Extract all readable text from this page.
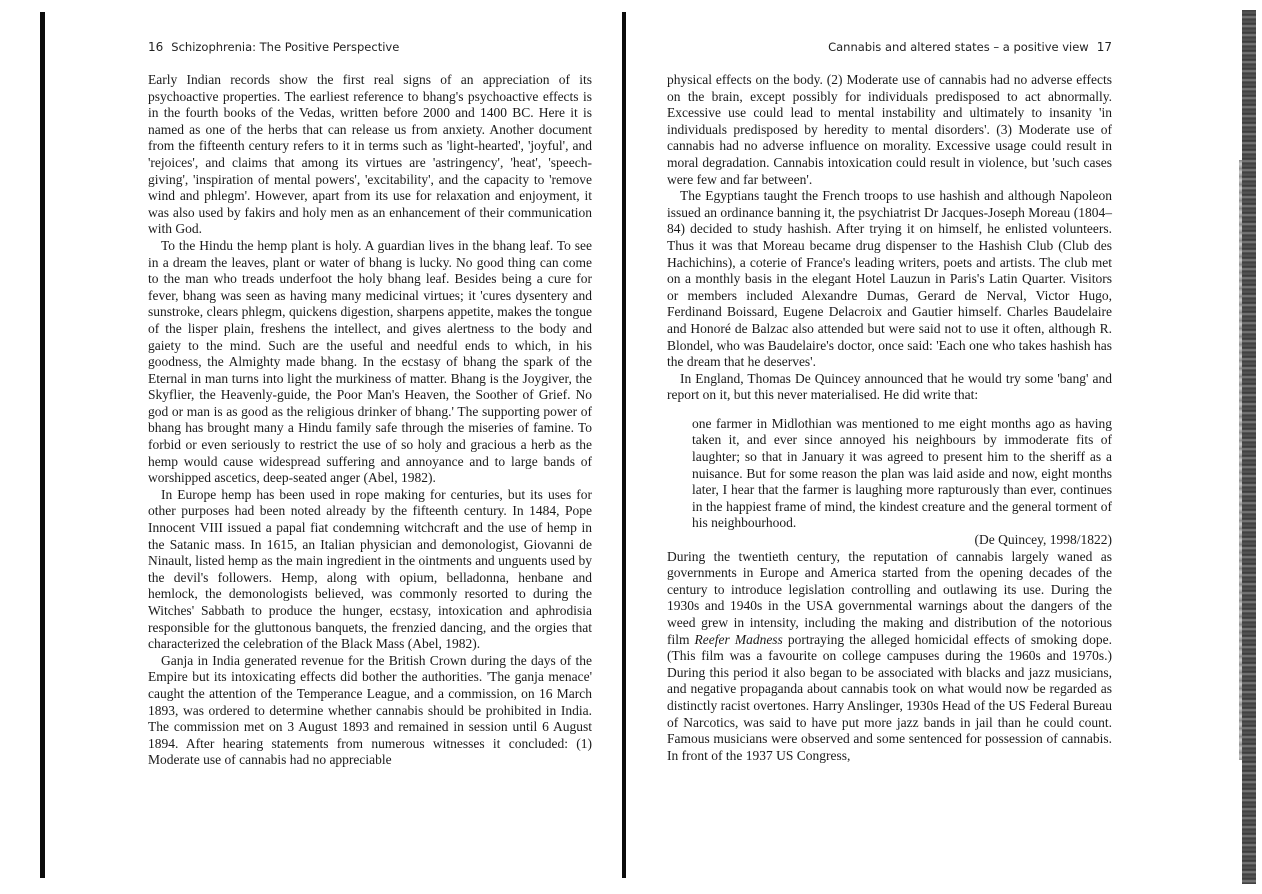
16 Schizophrenia: The Positive Perspective

Early Indian records show the first real signs of an appreciation of its psychoactive properties. The earliest reference to bhang's psychoactive effects is in the fourth books of the Vedas, written before 2000 and 1400 BC. Here it is named as one of the herbs that can release us from anxiety. Another document from the fifteenth century refers to it in terms such as 'light-hearted', 'joyful', and 'rejoices', and claims that among its virtues are 'astringency', 'heat', 'speech-giving', 'inspiration of mental powers', 'excitability', and the capacity to 'remove wind and phlegm'. However, apart from its use for relaxation and enjoyment, it was also used by fakirs and holy men as an enhancement of their communication with God.

To the Hindu the hemp plant is holy. A guardian lives in the bhang leaf. To see in a dream the leaves, plant or water of bhang is lucky. No good thing can come to the man who treads underfoot the holy bhang leaf. Besides being a cure for fever, bhang was seen as having many medicinal virtues; it 'cures dysentery and sunstroke, clears phlegm, quickens digestion, sharpens appetite, makes the tongue of the lisper plain, freshens the intellect, and gives alertness to the body and gaiety to the mind. Such are the useful and needful ends to which, in his goodness, the Almighty made bhang. In the ecstasy of bhang the spark of the Eternal in man turns into light the murkiness of matter. Bhang is the Joygiver, the Skyflier, the Heavenly-guide, the Poor Man's Heaven, the Soother of Grief. No god or man is as good as the religious drinker of bhang.' The supporting power of bhang has brought many a Hindu family safe through the miseries of famine. To forbid or even seriously to restrict the use of so holy and gracious a herb as the hemp would cause widespread suffering and annoyance and to large bands of worshipped ascetics, deep-seated anger (Abel, 1982).

In Europe hemp has been used in rope making for centuries, but its uses for other purposes had been noted already by the fifteenth century. In 1484, Pope Innocent VIII issued a papal fiat condemning witchcraft and the use of hemp in the Satanic mass. In 1615, an Italian physician and demonologist, Giovanni de Ninault, listed hemp as the main ingredient in the ointments and unguents used by the devil's followers. Hemp, along with opium, belladonna, henbane and hemlock, the demonologists believed, was commonly resorted to during the Witches' Sabbath to produce the hunger, ecstasy, intoxication and aphrodisia responsible for the gluttonous banquets, the frenzied dancing, and the orgies that characterized the celebration of the Black Mass (Abel, 1982).

Ganja in India generated revenue for the British Crown during the days of the Empire but its intoxicating effects did bother the authorities. 'The ganja menace' caught the attention of the Temperance League, and a commission, on 16 March 1893, was ordered to determine whether cannabis should be prohibited in India. The commission met on 3 August 1893 and remained in session until 6 August 1894. After hearing statements from numerous witnesses it concluded: (1) Moderate use of cannabis had no appreciable

Cannabis and altered states – a positive view 17

physical effects on the body. (2) Moderate use of cannabis had no adverse effects on the brain, except possibly for individuals predisposed to act abnormally. Excessive use could lead to mental instability and ultimately to insanity 'in individuals predisposed by heredity to mental disorders'. (3) Moderate use of cannabis had no adverse influence on morality. Excessive usage could result in moral degradation. Cannabis intoxication could result in violence, but 'such cases were few and far between'.

The Egyptians taught the French troops to use hashish and although Napoleon issued an ordinance banning it, the psychiatrist Dr Jacques-Joseph Moreau (1804–84) decided to study hashish. After trying it on himself, he enlisted volunteers. Thus it was that Moreau became drug dispenser to the Hashish Club (Club des Hachichins), a coterie of France's leading writers, poets and artists. The club met on a monthly basis in the elegant Hotel Lauzun in Paris's Latin Quarter. Visitors or members included Alexandre Dumas, Gerard de Nerval, Victor Hugo, Ferdinand Boissard, Eugene Delacroix and Gautier himself. Charles Baudelaire and Honoré de Balzac also attended but were said not to use it often, although R. Blondel, who was Baudelaire's doctor, once said: 'Each one who takes hashish has the dream that he deserves'.

In England, Thomas De Quincey announced that he would try some 'bang' and report on it, but this never materialised. He did write that:

one farmer in Midlothian was mentioned to me eight months ago as having taken it, and ever since annoyed his neighbours by immoderate fits of laughter; so that in January it was agreed to present him to the sheriff as a nuisance. But for some reason the plan was laid aside and now, eight months later, I hear that the farmer is laughing more rapturously than ever, continues in the happiest frame of mind, the kindest creature and the general torment of his neighbourhood.

(De Quincey, 1998/1822)

During the twentieth century, the reputation of cannabis largely waned as governments in Europe and America started from the opening decades of the century to introduce legislation controlling and outlawing its use. During the 1930s and 1940s in the USA governmental warnings about the dangers of the weed grew in intensity, including the making and distribution of the notorious film Reefer Madness portraying the alleged homicidal effects of smoking dope. (This film was a favourite on college campuses during the 1960s and 1970s.) During this period it also began to be associated with blacks and jazz musicians, and negative propaganda about cannabis took on what would now be regarded as distinctly racist overtones. Harry Anslinger, 1930s Head of the US Federal Bureau of Narcotics, was said to have put more jazz bands in jail than he could count. Famous musicians were observed and some sentenced for possession of cannabis. In front of the 1937 US Congress,
